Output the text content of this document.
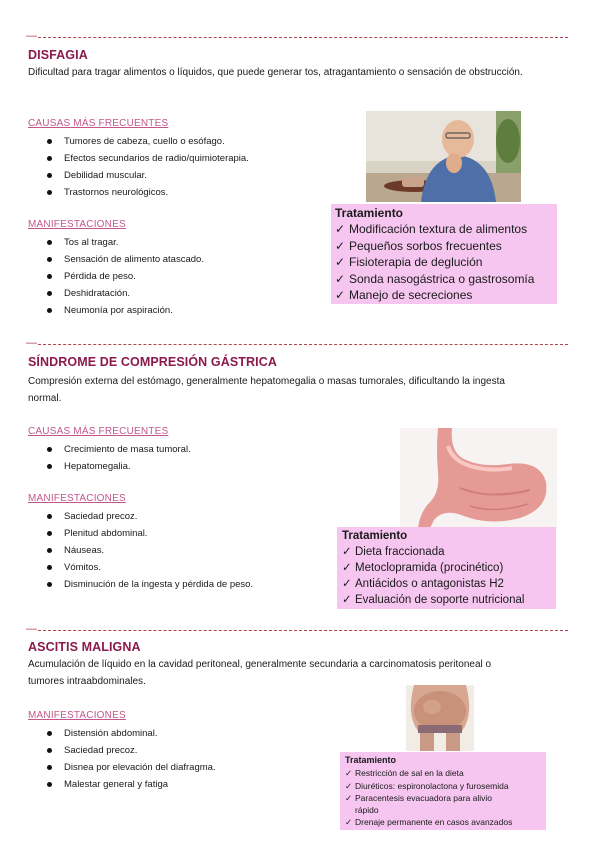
—
DISFAGIA

Dificultad para tragar alimentos o líquidos, que puede generar tos, atragantamiento o sensación de obstrucción.

CAUSAS MÁS FRECUENTES
Tumores de cabeza, cuello o esófago.
Efectos secundarios de radio/quimioterapia.
Debilidad muscular.
Trastornos neurológicos.
MANIFESTACIONES
Tos al tragar.
Sensación de alimento atascado.
Pérdida de peso.
Deshidratación.
Neumonía por aspiración.
Tratamiento
✓ Modificación textura de alimentos
✓ Pequeños sorbos frecuentes
✓ Fisioterapia de deglución
✓ Sonda nasogástrica o gastrosomía
✓ Manejo de secreciones
—
SÍNDROME DE COMPRESIÓN GÁSTRICA

Compresión externa del estómago, generalmente hepatomegalia o masas tumorales, dificultando la ingesta normal.

CAUSAS MÁS FRECUENTES
Crecimiento de masa tumoral.
Hepatomegalia.
MANIFESTACIONES
Saciedad precoz.
Plenitud abdominal.
Náuseas.
Vómitos.
Disminución de la ingesta y pérdida de peso.
Tratamiento
✓ Dieta fraccionada
✓ Metoclopramida (procinético)
✓ Antiácidos o antagonistas H2
✓ Evaluación de soporte nutricional
—
ASCITIS MALIGNA

Acumulación de líquido en la cavidad peritoneal, generalmente secundaria a carcinomatosis peritoneal o tumores intraabdominales.

MANIFESTACIONES
Distensión abdominal.
Saciedad precoz.
Disnea por elevación del diafragma.
Malestar general y fatiga
Tratamiento
✓ Restricción de sal en la dieta
✓ Diuréticos: espironolactona y furosemida
✓ Paracentesis evacuadora para alivio rápido
✓ Drenaje permanente en casos avanzados
